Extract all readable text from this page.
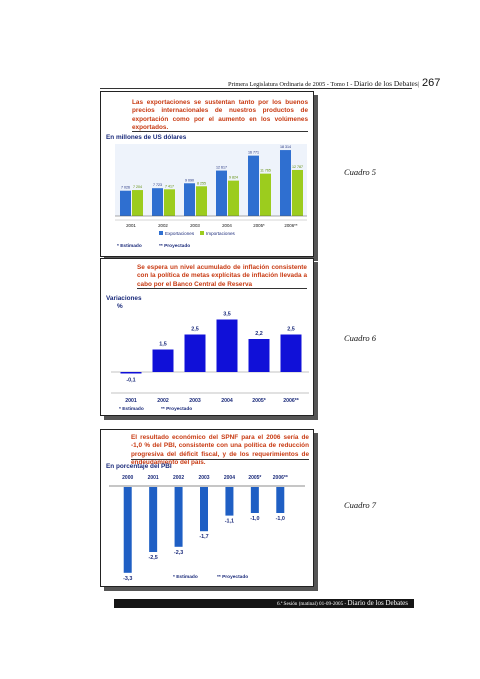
Primera Legislatura Ordinaria de 2005 - Tomo I - Diario de los Debates| 267
Las exportaciones se sustentan tanto por los buenos precios internacionales de nuestros productos de exportación como por el aumento en los volúmenes exportados.
En millones de US dólares
7 026 7 204
2001
7 723 7 417
2002
9 090
8 255
2003
12 617
9 824
2004
16 771
11 765
2005*
18 314
12 787
2006**
Exportaciones	Importaciones
* Estimado	** Proyectado
Cuadro 5
Se espera un nivel acumulado de inflación consistente con la política de metas explícitas de inflación llevada a cabo por el Banco Central de Reserva
Variaciones
%
-0,1
2001
1,5
2002
2,5
2003
3,5
2004
2,2
2005*
2,5
2006**
* Estimado	** Proyectado
Cuadro 6
El resultado económico del SPNF para el 2006 sería de -1,0 % del PBI, consistente con una política de reducción progresiva del déficit fiscal, y de los requerimientos de endeudamiento del país.
En porcentaje del PBI
2000
-3,3
2001
-2,5
2002
-2,3
2003
-1,7
2004
-1,1
2005*
-1,0
2006**
-1,0
* Estimado	** Proyectado
Cuadro 7
6.ª Sesión (matinal) 01-09-2005 - Diario de los Debates
